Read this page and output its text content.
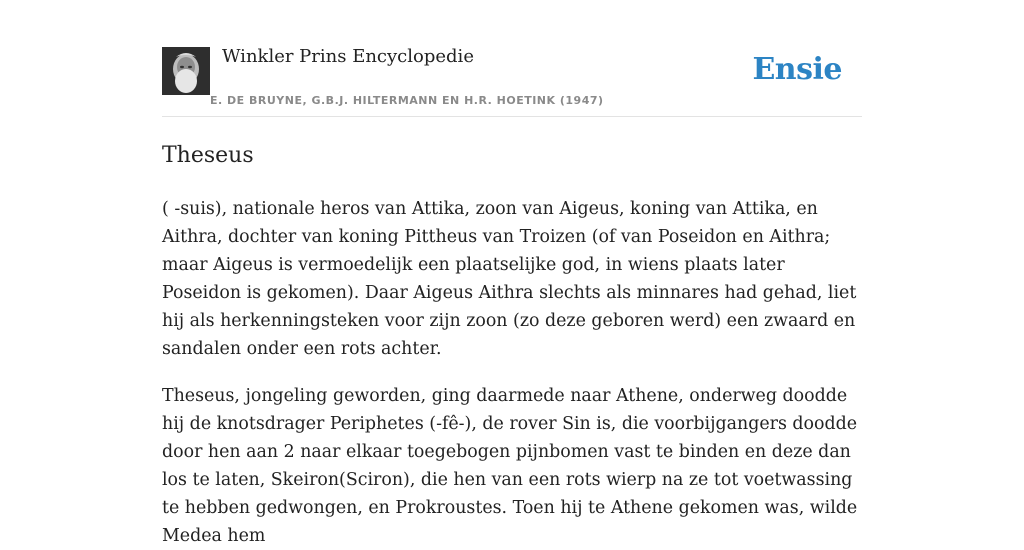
Winkler Prins Encyclopedie
E. DE BRUYNE, G.B.J. HILTERMANN EN H.R. HOETINK (1947)
Ensie
Theseus

( -suis), nationale heros van Attika, zoon van Aigeus, koning van Attika, en Aithra, dochter van koning Pittheus van Troizen (of van Poseidon en Aithra; maar Aigeus is vermoedelijk een plaatselijke god, in wiens plaats later Poseidon is gekomen). Daar Aigeus Aithra slechts als minnares had gehad, liet hij als herkenningsteken voor zijn zoon (zo deze geboren werd) een zwaard en sandalen onder een rots achter.

Theseus, jongeling geworden, ging daarmede naar Athene, onderweg doodde hij de knotsdrager Periphetes (-fê-), de rover Sin is, die voorbijgangers doodde door hen aan 2 naar elkaar toegebogen pijnbomen vast te binden en deze dan los te laten, Skeiron(Sciron), die hen van een rots wierp na ze tot voetwassing te hebben gedwongen, en Prokroustes. Toen hij te Athene gekomen was, wilde Medea hem
